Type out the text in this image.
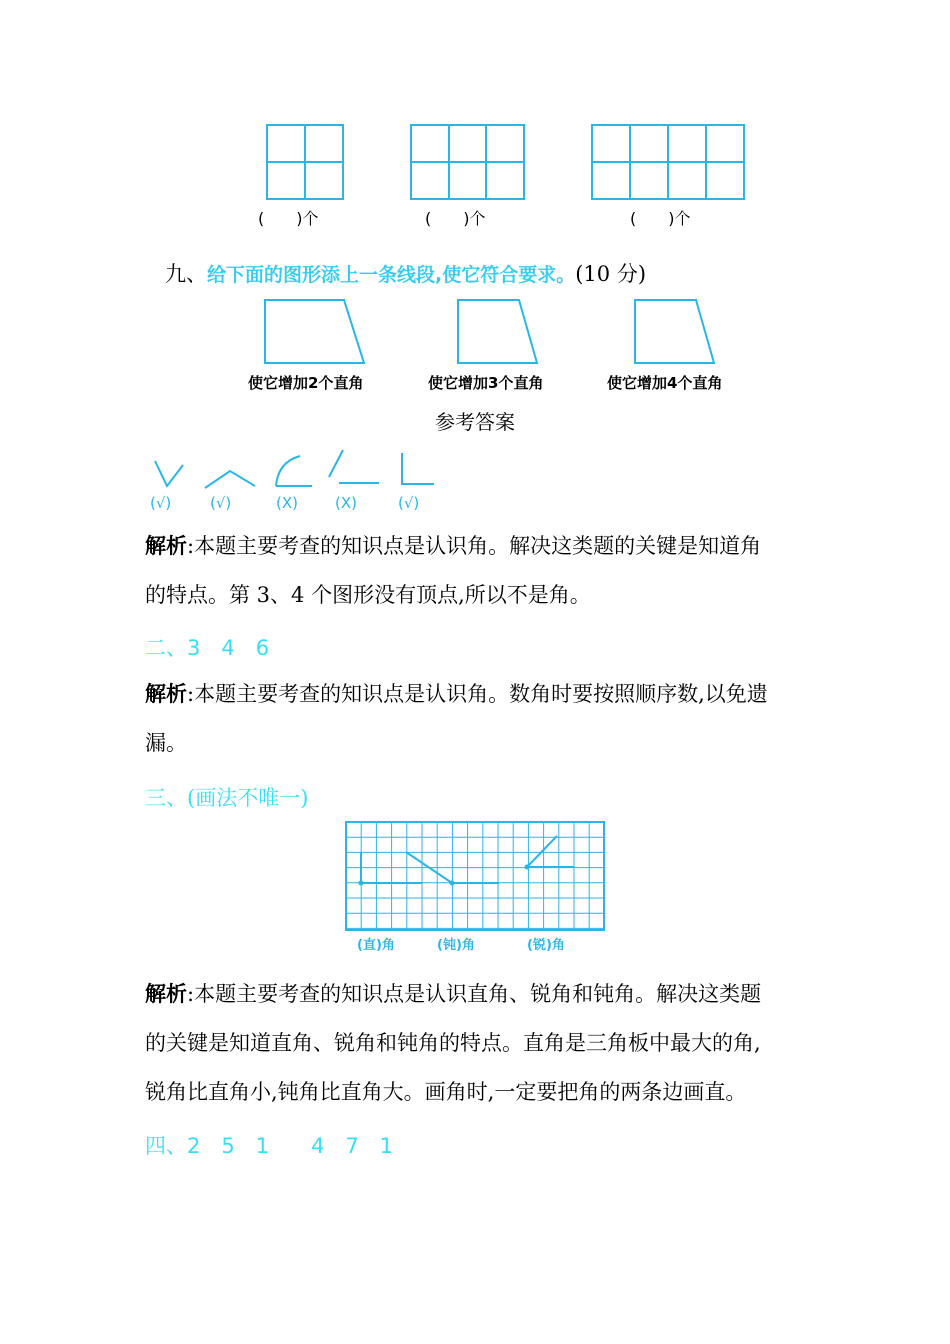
(　　)个	(　　)个	(　　)个
九、给下面的图形添上一条线段,使它符合要求。(10 分)
使它增加2个直角	使它增加3个直角	使它增加4个直角
参考答案
(√)	(√)	(X) (X)	(√)
解析:本题主要考查的知识点是认识角。解决这类题的关键是知道角
的特点。第 3、4 个图形没有顶点,所以不是角。
二、3　4　6
解析:本题主要考查的知识点是认识角。数角时要按照顺序数,以免遗
漏。
三、(画法不唯一)
(直)角	(钝)角	(锐)角
解析:本题主要考查的知识点是认识直角、锐角和钝角。解决这类题
的关键是知道直角、锐角和钝角的特点。直角是三角板中最大的角,
锐角比直角小,钝角比直角大。画角时,一定要把角的两条边画直。
四、2　5　1　　4　7　1
